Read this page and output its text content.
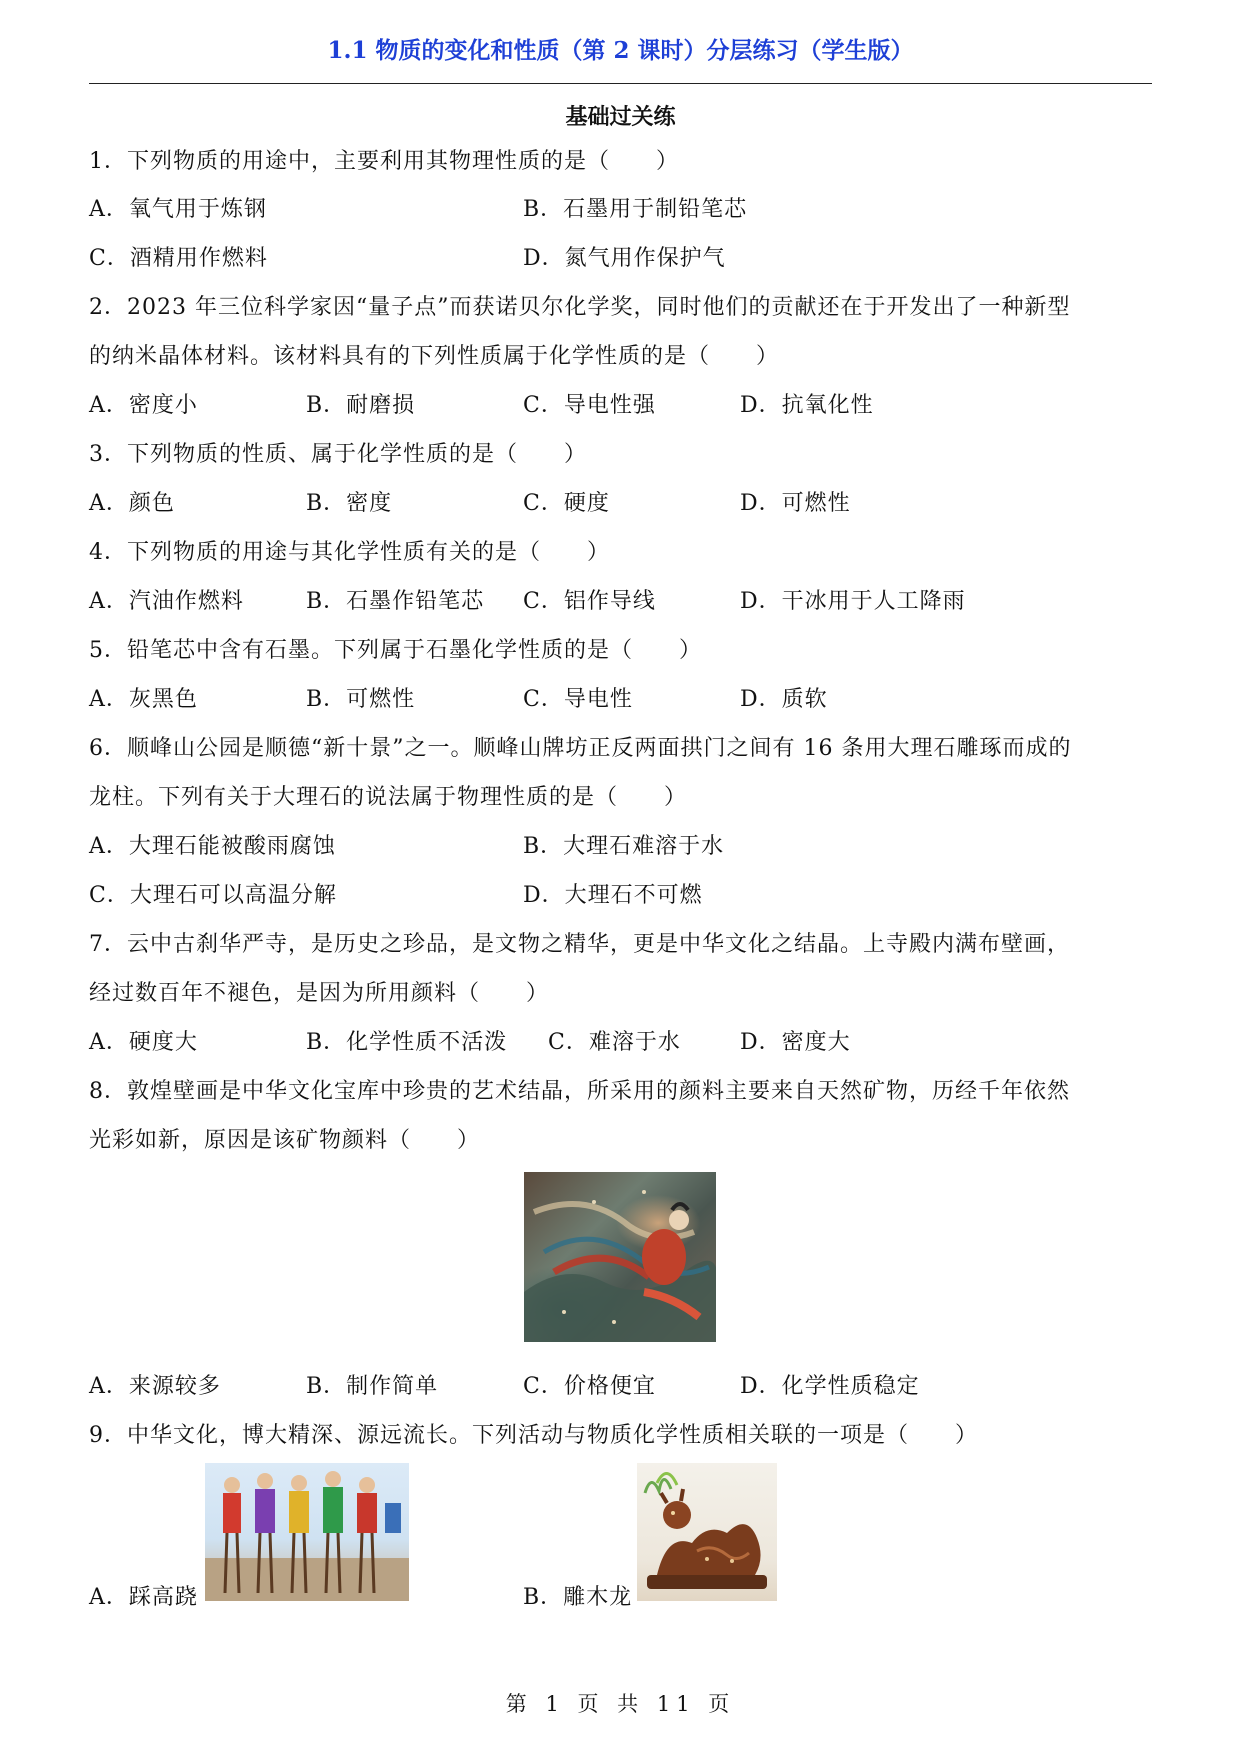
1.1 物质的变化和性质（第 2 课时）分层练习（学生版）
基础过关练
1．下列物质的用途中，主要利用其物理性质的是（　　）
A．氧气用于炼钢	B．石墨用于制铅笔芯
C．酒精用作燃料	D．氮气用作保护气
2．2023 年三位科学家因“量子点”而获诺贝尔化学奖，同时他们的贡献还在于开发出了一种新型
的纳米晶体材料。该材料具有的下列性质属于化学性质的是（　　）
A．密度小	B．耐磨损	C．导电性强	D．抗氧化性
3．下列物质的性质、属于化学性质的是（　　）
A．颜色	B．密度	C．硬度	D．可燃性
4．下列物质的用途与其化学性质有关的是（　　）
A．汽油作燃料	B．石墨作铅笔芯 C．铝作导线	D．干冰用于人工降雨
5．铅笔芯中含有石墨。下列属于石墨化学性质的是（　　）
A．灰黑色	B．可燃性	C．导电性	D．质软
6．顺峰山公园是顺德“新十景”之一。顺峰山牌坊正反两面拱门之间有 16 条用大理石雕琢而成的
龙柱。下列有关于大理石的说法属于物理性质的是（　　）
A．大理石能被酸雨腐蚀	B．大理石难溶于水
C．大理石可以高温分解	D．大理石不可燃
7．云中古刹华严寺，是历史之珍品，是文物之精华，更是中华文化之结晶。上寺殿内满布壁画，
经过数百年不褪色，是因为所用颜料（　　）
A．硬度大	B．化学性质不活泼 C．难溶于水	D．密度大
8．敦煌壁画是中华文化宝库中珍贵的艺术结晶，所采用的颜料主要来自天然矿物，历经千年依然
光彩如新，原因是该矿物颜料（　　）
A．来源较多	B．制作简单	C．价格便宜	D．化学性质稳定
9．中华文化，博大精深、源远流长。下列活动与物质化学性质相关联的一项是（　　）
A．踩高跷	B．雕木龙
第 1 页 共 11 页
